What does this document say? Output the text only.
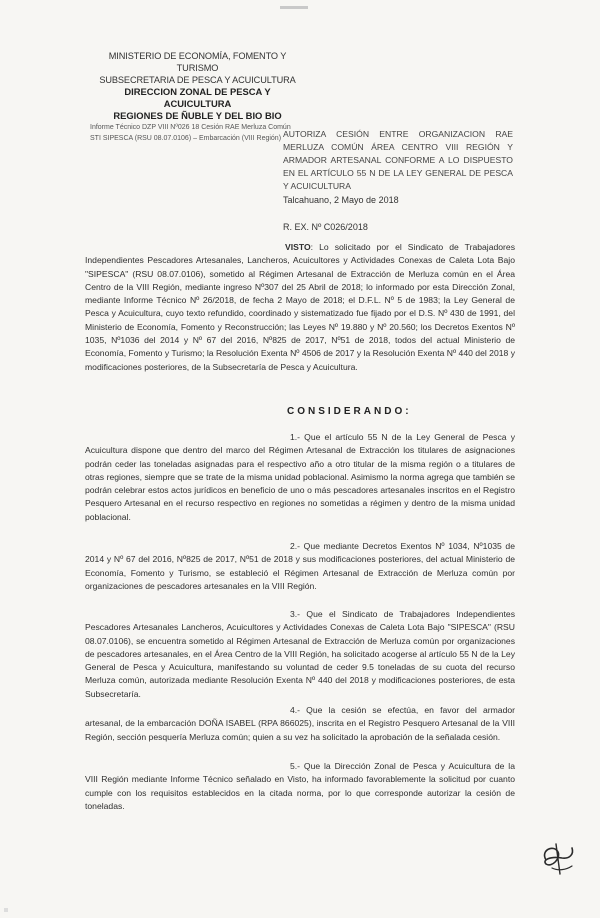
MINISTERIO DE ECONOMÍA, FOMENTO Y TURISMO
SUBSECRETARIA DE PESCA Y ACUICULTURA
DIRECCION ZONAL DE PESCA Y ACUICULTURA
REGIONES DE ÑUBLE Y DEL BIO BIO
Informe Técnico DZP VIII Nº026 18 Cesión RAE Merluza Común
STI SIPESCA (RSU 08.07.0106) – Embarcación (VIII Región) AUTORIZA CESIÓN ENTRE ORGANIZACION RAE MERLUZA COMÚN ÁREA CENTRO VIII REGIÓN Y ARMADOR ARTESANAL CONFORME A LO DISPUESTO EN EL ARTÍCULO 55 N DE LA LEY GENERAL DE PESCA Y ACUICULTURA
Talcahuano, 2 Mayo de 2018
R. EX. Nº C026/2018
VISTO: Lo solicitado por el Sindicato de Trabajadores Independientes Pescadores Artesanales, Lancheros, Acuicultores y Actividades Conexas de Caleta Lota Bajo "SIPESCA" (RSU 08.07.0106), sometido al Régimen Artesanal de Extracción de Merluza común en el Área Centro de la VIII Región, mediante ingreso Nº307 del 25 Abril de 2018; lo informado por esta Dirección Zonal, mediante Informe Técnico Nº 26/2018, de fecha 2 Mayo de 2018; el D.F.L. Nº 5 de 1983; la Ley General de Pesca y Acuicultura, cuyo texto refundido, coordinado y sistematizado fue fijado por el D.S. Nº 430 de 1991, del Ministerio de Economía, Fomento y Reconstrucción; las Leyes Nº 19.880 y Nº 20.560; los Decretos Exentos Nº 1035, Nº1036 del 2014 y Nº 67 del 2016, Nº825 de 2017, Nº51 de 2018, todos del actual Ministerio de Economía, Fomento y Turismo; la Resolución Exenta Nº 4506 de 2017 y la Resolución Exenta Nº 440 del 2018 y modificaciones posteriores, de la Subsecretaría de Pesca y Acuicultura.
CONSIDERANDO:
1.- Que el artículo 55 N de la Ley General de Pesca y Acuicultura dispone que dentro del marco del Régimen Artesanal de Extracción los titulares de asignaciones podrán ceder las toneladas asignadas para el respectivo año a otro titular de la misma región o a titulares de otras regiones, siempre que se trate de la misma unidad poblacional. Asimismo la norma agrega que también se podrán celebrar estos actos jurídicos en beneficio de uno o más pescadores artesanales inscritos en el Registro Pesquero Artesanal en el recurso respectivo en regiones no sometidas a régimen y dentro de la misma unidad poblacional.
2.- Que mediante Decretos Exentos Nº 1034, Nº1035 de 2014 y Nº 67 del 2016, Nº825 de 2017, Nº51 de 2018 y sus modificaciones posteriores, del actual Ministerio de Economía, Fomento y Turismo, se estableció el Régimen Artesanal de Extracción de Merluza común por organizaciones de pescadores artesanales en la VIII Región.
3.- Que el Sindicato de Trabajadores Independientes Pescadores Artesanales Lancheros, Acuicultores y Actividades Conexas de Caleta Lota Bajo "SIPESCA" (RSU 08.07.0106), se encuentra sometido al Régimen Artesanal de Extracción de Merluza común por organizaciones de pescadores artesanales, en el Área Centro de la VIII Región, ha solicitado acogerse al artículo 55 N de la Ley General de Pesca y Acuicultura, manifestando su voluntad de ceder 9.5 toneladas de su cuota del recurso Merluza común, autorizada mediante Resolución Exenta Nº 440 del 2018 y modificaciones posteriores, de esta Subsecretaría.
4.- Que la cesión se efectúa, en favor del armador artesanal, de la embarcación DOÑA ISABEL (RPA 866025), inscrita en el Registro Pesquero Artesanal de la VIII Región, sección pesquería Merluza común; quien a su vez ha solicitado la aprobación de la señalada cesión.
5.- Que la Dirección Zonal de Pesca y Acuicultura de la VIII Región mediante Informe Técnico señalado en Visto, ha informado favorablemente la solicitud por cuanto cumple con los requisitos establecidos en la citada norma, por lo que corresponde autorizar la cesión de toneladas.
